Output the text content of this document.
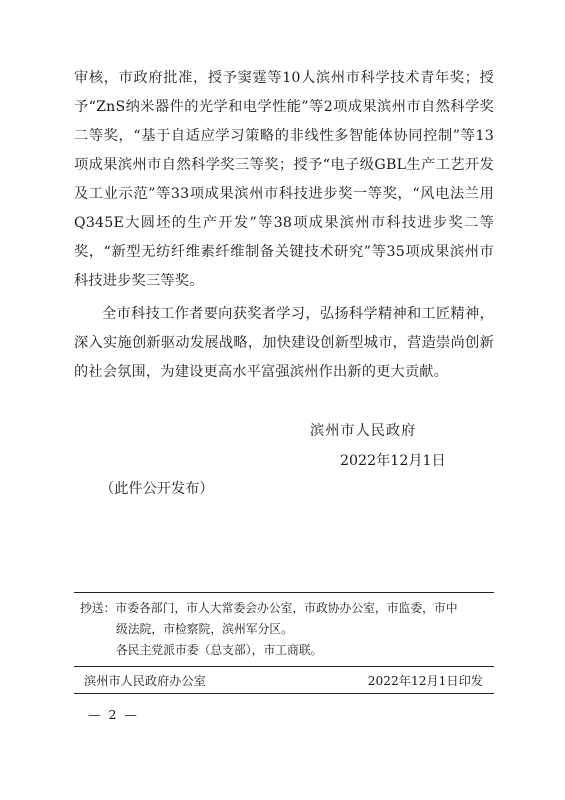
审核，市政府批准，授予窦霆等10人滨州市科学技术青年奖；授予“ZnS纳米器件的光学和电学性能”等2项成果滨州市自然科学奖二等奖，“基于自适应学习策略的非线性多智能体协同控制”等13项成果滨州市自然科学奖三等奖；授予“电子级GBL生产工艺开发及工业示范”等33项成果滨州市科技进步奖一等奖，“风电法兰用Q345E大圆坯的生产开发”等38项成果滨州市科技进步奖二等奖，“新型无纺纤维素纤维制备关键技术研究”等35项成果滨州市科技进步奖三等奖。
全市科技工作者要向获奖者学习，弘扬科学精神和工匠精神，深入实施创新驱动发展战略，加快建设创新型城市，营造崇尚创新的社会氛围，为建设更高水平富强滨州作出新的更大贡献。
滨州市人民政府
2022年12月1日
（此件公开发布）
抄送：市委各部门，市人大常委会办公室，市政协办公室，市监委，市中
级法院，市检察院，滨州军分区。
各民主党派市委（总支部），市工商联。
滨州市人民政府办公室	2022年12月1日印发
— 2 —
